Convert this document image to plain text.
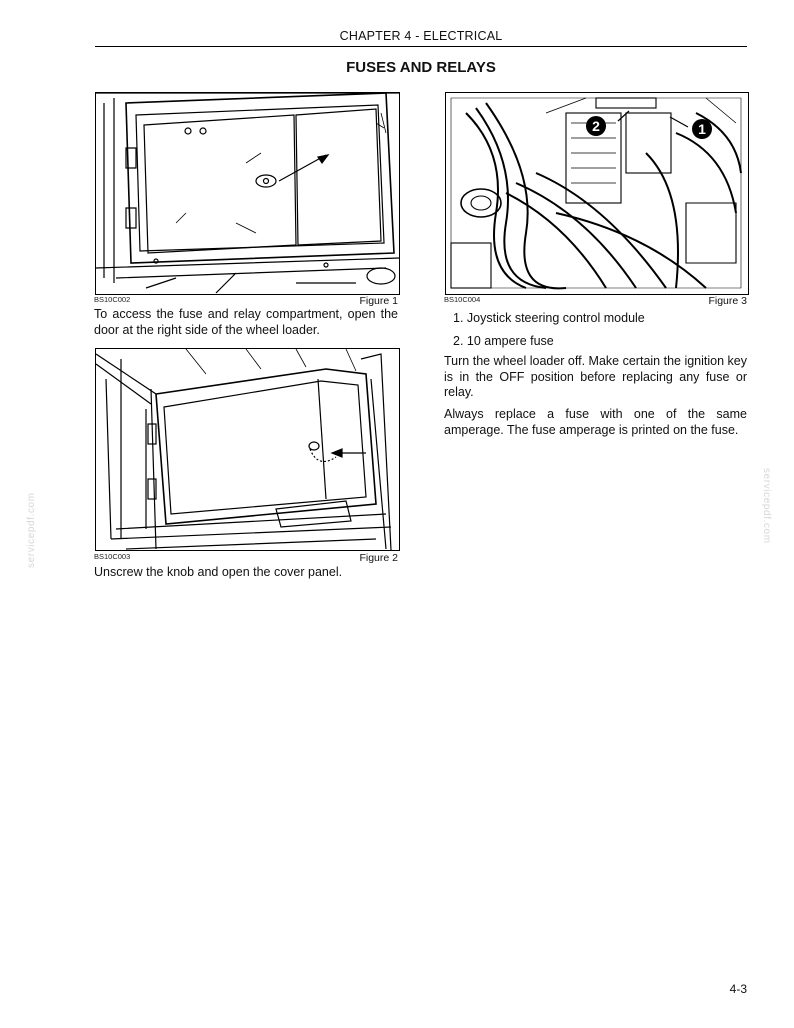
CHAPTER 4 - ELECTRICAL
FUSES AND RELAYS
BS10C002	Figure 1

To access the fuse and relay compartment, open the door at the right side of the wheel loader.

BS10C003	Figure 2

Unscrew the knob and open the cover panel.

2	1
BS10C004	Figure 3
1. Joystick steering control module
2. 10 ampere fuse

Turn the wheel loader off. Make certain the ignition key is in the OFF position before replacing any fuse or relay.

Always replace a fuse with one of the same amperage. The fuse amperage is printed on the fuse.

servicepdf.com	servicepdf.com
4-3
